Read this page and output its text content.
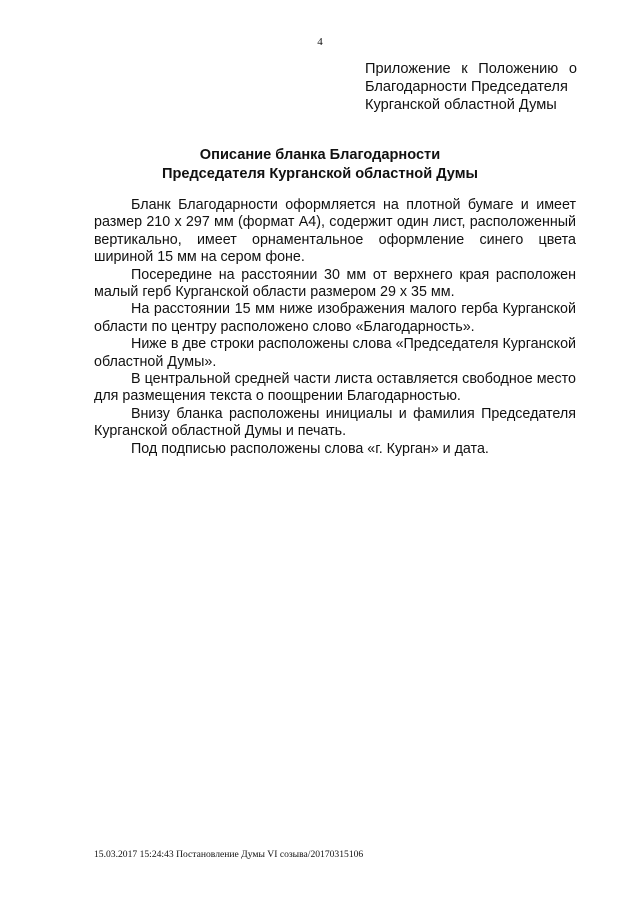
4
Приложение к Положению о
Благодарности Председателя
Курганской областной Думы
Описание бланка Благодарности
Председателя Курганской областной Думы

Бланк Благодарности оформляется на плотной бумаге и имеет размер 210 х 297 мм (формат А4), содержит один лист, расположенный вертикально, имеет орнаментальное оформление синего цвета шириной 15 мм на сером фоне.

Посередине на расстоянии 30 мм от верхнего края расположен малый герб Курганской области размером 29 х 35 мм.

На расстоянии 15 мм ниже изображения малого герба Курганской области по центру расположено слово «Благодарность».

Ниже в две строки расположены слова «Председателя Курганской областной Думы».

В центральной средней части листа оставляется свободное место для размещения текста о поощрении Благодарностью.

Внизу бланка расположены инициалы и фамилия Председателя Курганской областной Думы и печать.

Под подписью расположены слова «г. Курган» и дата.

15.03.2017 15:24:43 Постановление Думы VI созыва/20170315106
